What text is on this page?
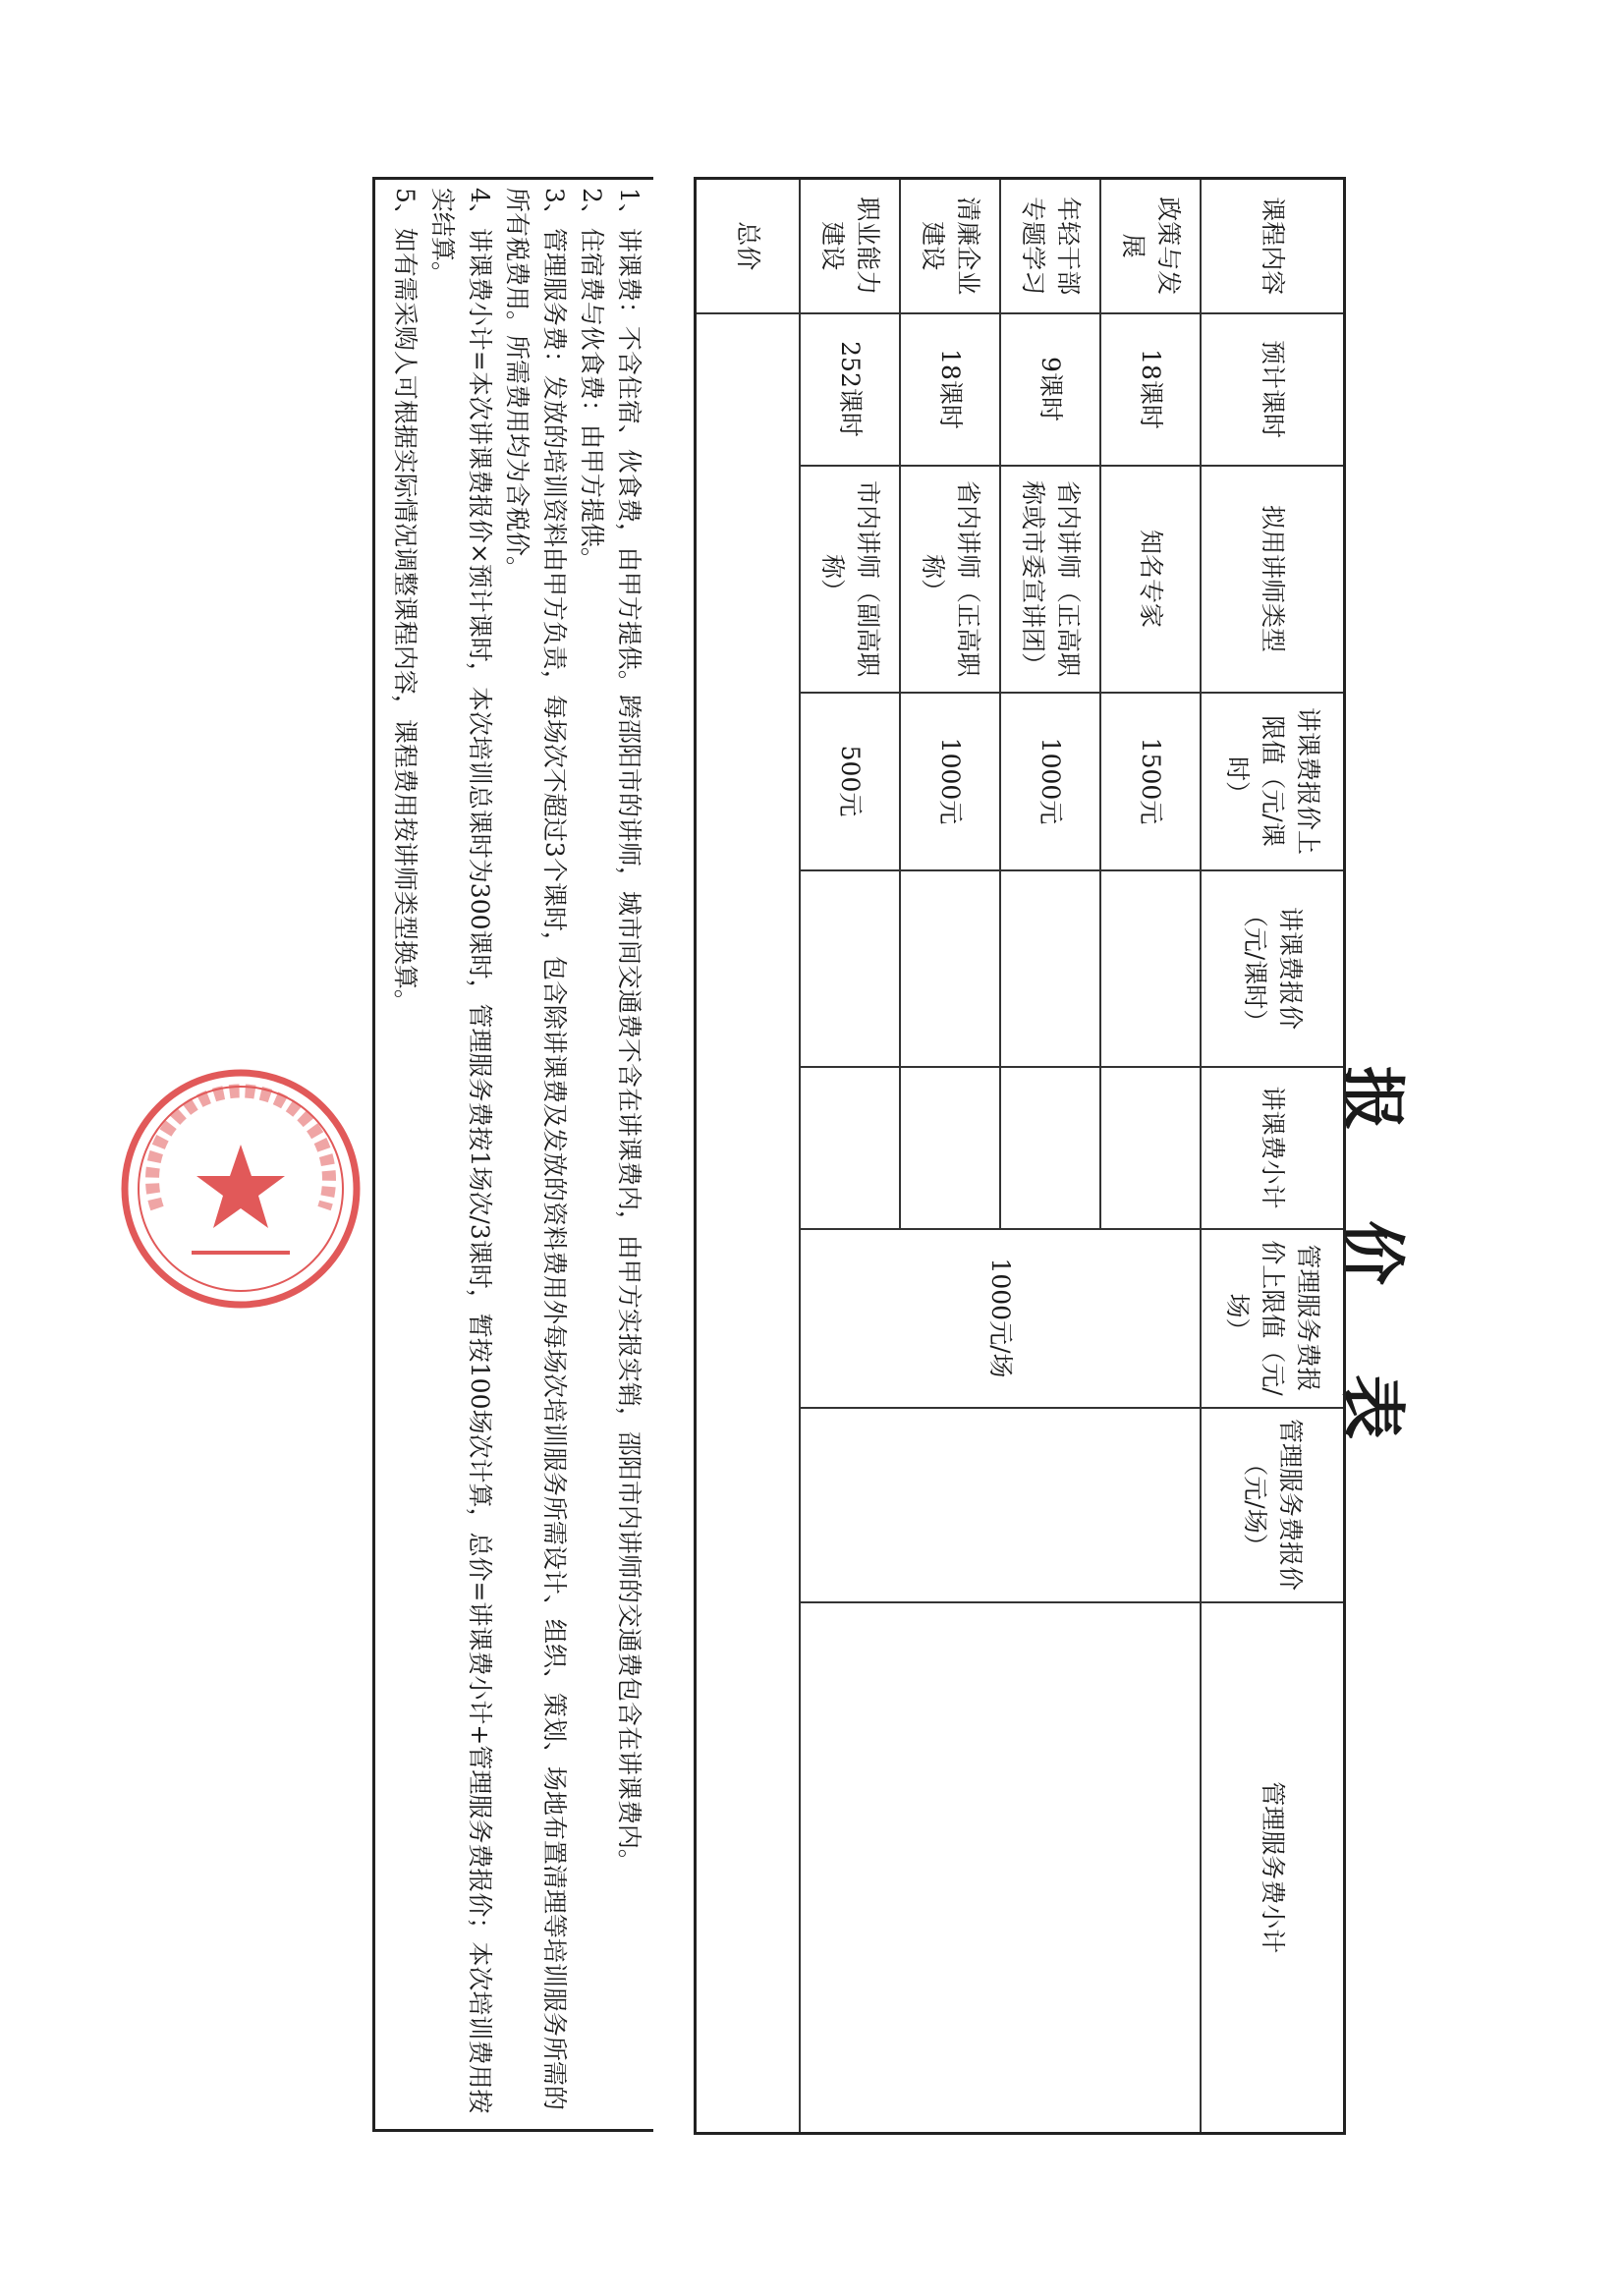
报 价 表
课程内容	预计课时	拟用讲师类型	讲课费报价上限值（元/课时）	讲课费报价（元/课时）	讲课费小计	管理服务费报价上限值（元/场）	管理服务费报价（元/场）	管理服务费小计
政策与发展	18课时	知名专家	1500元			1000元/场		
年轻干部专题学习	9课时	省内讲师（正高职称或市委宣讲团）	1000元					
清廉企业建设	18课时	省内讲师（正高职称）	1000元					
职业能力建设	252课时	市内讲师（副高职称）	500元					
总价								

1、讲课费：不含住宿、伙食费，由甲方提供。跨邵阳市的讲师，城市间交通费不含在讲课费内，由甲方实报实销，邵阳市内讲师的交通费包含在讲课费内。

2、住宿费与伙食费：由甲方提供。

3、管理服务费：发放的培训资料由甲方负责，每场次不超过3个课时，包含除讲课费及发放的资料费用外每场次培训服务所需设计、组织、策划、场地布置清理等培训服务所需的所有税费用。所需费用均为含税价。

4、讲课费小计=本次讲课费报价×预计课时，本次培训总课时为300课时，管理服务费按1场次/3课时，暂按100场次计算，总价=讲课费小计+管理服务费报价；本次培训费用按实结算。

5、如有需采购人可根据实际情况调整课程内容，课程费用按讲师类型换算。
